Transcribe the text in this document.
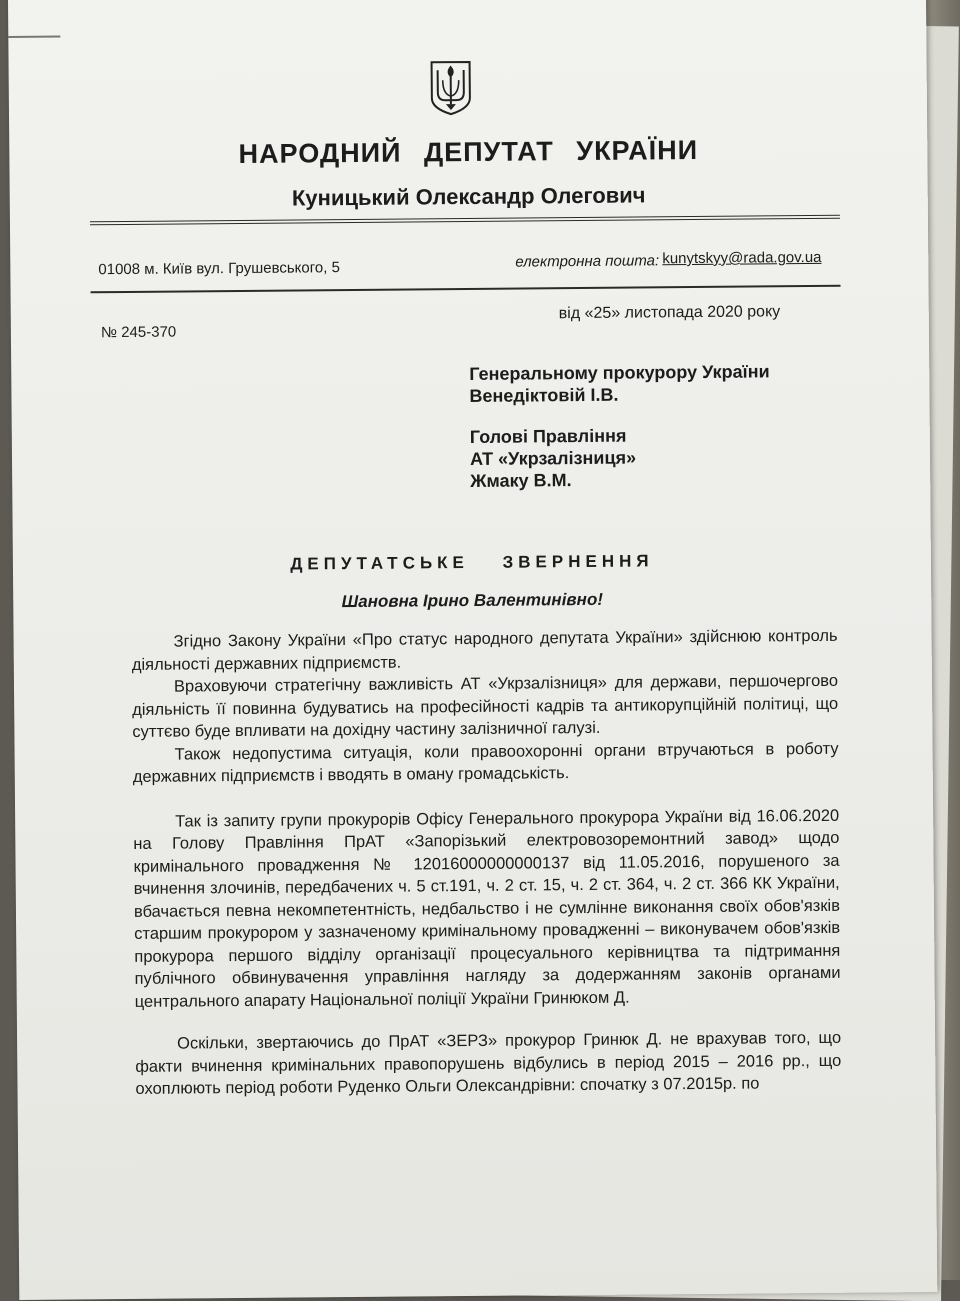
НАРОДНИЙ ДЕПУТАТ УКРАЇНИ
Куницький Олександр Олегович
01008 м. Київ вул. Грушевського, 5	електронна пошта: kunytskyy@rada.gov.ua
№ 245-370
від «25» листопада 2020 року
Генеральному прокурору України
Венедіктовій І.В.
Голові Правління
АТ «Укрзалізниця»
Жмаку В.М.
ДЕПУТАТСЬКЕ ЗВЕРНЕННЯ
Шановна Ірино Валентинівно!

Згідно Закону України «Про статус народного депутата України» здійснюю контроль діяльності державних підприємств.

Враховуючи стратегічну важливість АТ «Укрзалізниця» для держави, першочергово діяльність її повинна будуватись на професійності кадрів та антикорупційній політиці, що суттєво буде впливати на дохідну частину залізничної галузі.

Також недопустима ситуація, коли правоохоронні органи втручаються в роботу державних підприємств і вводять в оману громадськість.

Так із запиту групи прокурорів Офісу Генерального прокурора України від 16.06.2020 на Голову Правління ПрАТ «Запорізький електровозоремонтний завод» щодо кримінального провадження № 12016000000000137 від 11.05.2016, порушеного за вчинення злочинів, передбачених ч. 5 ст.191, ч. 2 ст. 15, ч. 2 ст. 364, ч. 2 ст. 366 КК України, вбачається певна некомпетентність, недбальство і не сумлінне виконання своїх обов'язків старшим прокурором у зазначеному кримінальному провадженні – виконувачем обов'язків прокурора першого відділу організації процесуального керівництва та підтримання публічного обвинувачення управління нагляду за додержанням законів органами центрального апарату Національної поліції України Гринюком Д.

Оскільки, звертаючись до ПрАТ «ЗЕРЗ» прокурор Гринюк Д. не врахував того, що факти вчинення кримінальних правопорушень відбулись в період 2015 – 2016 рр., що охоплюють період роботи Руденко Ольги Олександрівни: спочатку з 07.2015р. по
